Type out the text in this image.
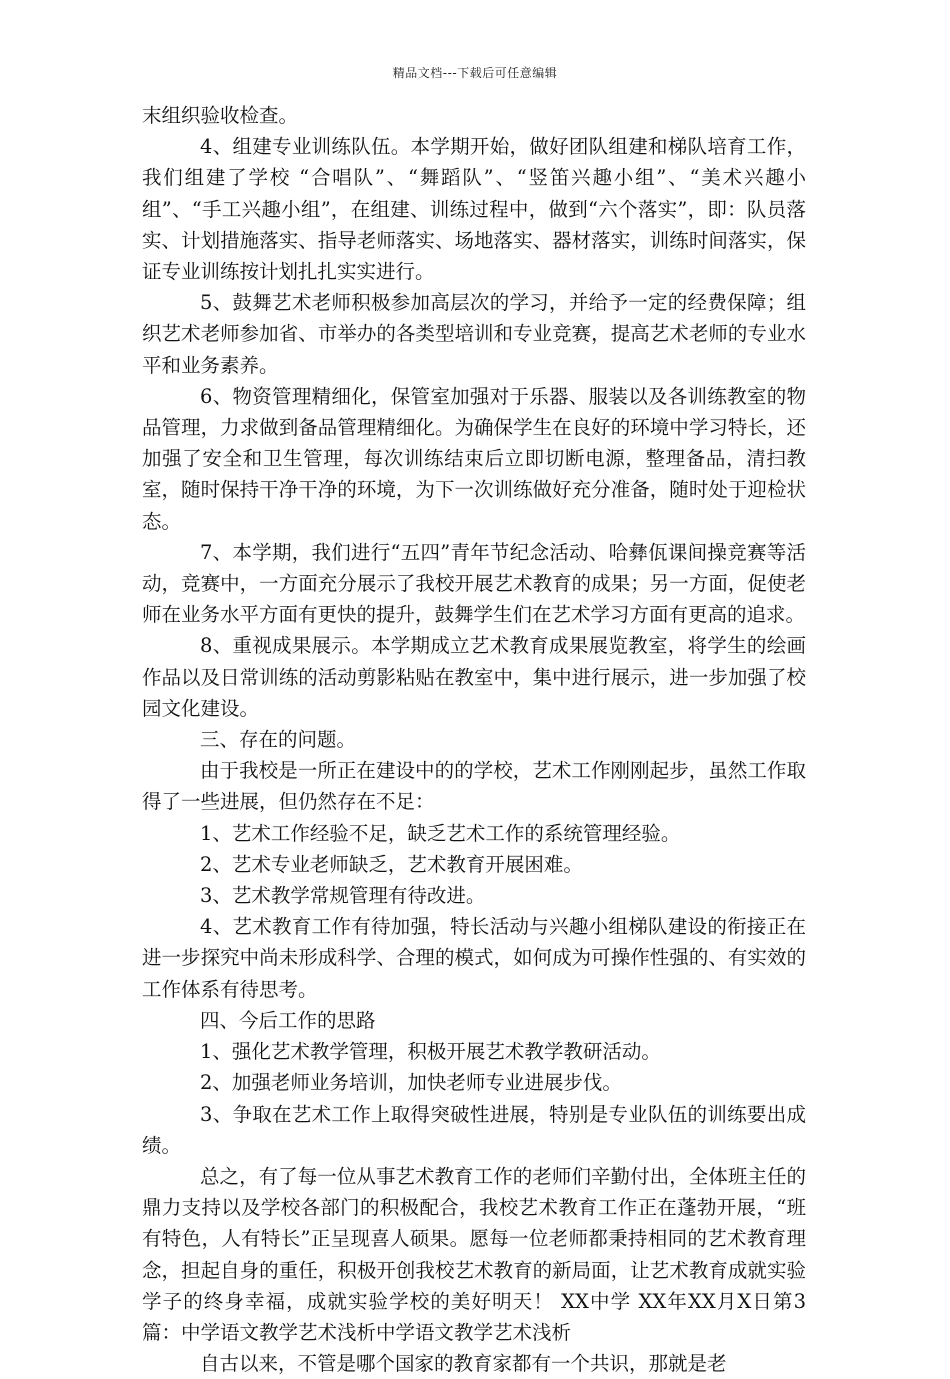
精品文档---下载后可任意编辑

末组织验收检查。

4、组建专业训练队伍。本学期开始，做好团队组建和梯队培育工作，我们组建了学校 “合唱队”、“舞蹈队”、“竖笛兴趣小组”、“美术兴趣小组”、“手工兴趣小组”，在组建、训练过程中，做到“六个落实”，即：队员落实、计划措施落实、指导老师落实、场地落实、器材落实，训练时间落实，保证专业训练按计划扎扎实实进行。

5、鼓舞艺术老师积极参加高层次的学习，并给予一定的经费保障；组织艺术老师参加省、市举办的各类型培训和专业竞赛，提高艺术老师的专业水平和业务素养。

6、物资管理精细化，保管室加强对于乐器、服装以及各训练教室的物品管理，力求做到备品管理精细化。为确保学生在良好的环境中学习特长，还加强了安全和卫生管理，每次训练结束后立即切断电源，整理备品，清扫教室，随时保持干净干净的环境，为下一次训练做好充分准备，随时处于迎检状态。

7、本学期，我们进行“五四”青年节纪念活动、哈彝佤课间操竞赛等活动，竞赛中，一方面充分展示了我校开展艺术教育的成果；另一方面，促使老师在业务水平方面有更快的提升，鼓舞学生们在艺术学习方面有更高的追求。

8、重视成果展示。本学期成立艺术教育成果展览教室，将学生的绘画作品以及日常训练的活动剪影粘贴在教室中，集中进行展示，进一步加强了校园文化建设。

三、存在的问题。

由于我校是一所正在建设中的的学校，艺术工作刚刚起步，虽然工作取得了一些进展，但仍然存在不足：

1、艺术工作经验不足，缺乏艺术工作的系统管理经验。

2、艺术专业老师缺乏，艺术教育开展困难。

3、艺术教学常规管理有待改进。

4、艺术教育工作有待加强，特长活动与兴趣小组梯队建设的衔接正在进一步探究中尚未形成科学、合理的模式，如何成为可操作性强的、有实效的工作体系有待思考。

四、今后工作的思路

1、强化艺术教学管理，积极开展艺术教学教研活动。

2、加强老师业务培训，加快老师专业进展步伐。

3、争取在艺术工作上取得突破性进展，特别是专业队伍的训练要出成绩。

总之，有了每一位从事艺术教育工作的老师们辛勤付出，全体班主任的鼎力支持以及学校各部门的积极配合，我校艺术教育工作正在蓬勃开展，“班有特色，人有特长”正呈现喜人硕果。愿每一位老师都秉持相同的艺术教育理念，担起自身的重任，积极开创我校艺术教育的新局面，让艺术教育成就实验学子的终身幸福，成就实验学校的美好明天！ XX中学 XX年XX月X日第3篇：中学语文教学艺术浅析中学语文教学艺术浅析

自古以来，不管是哪个国家的教育家都有一个共识，那就是老
